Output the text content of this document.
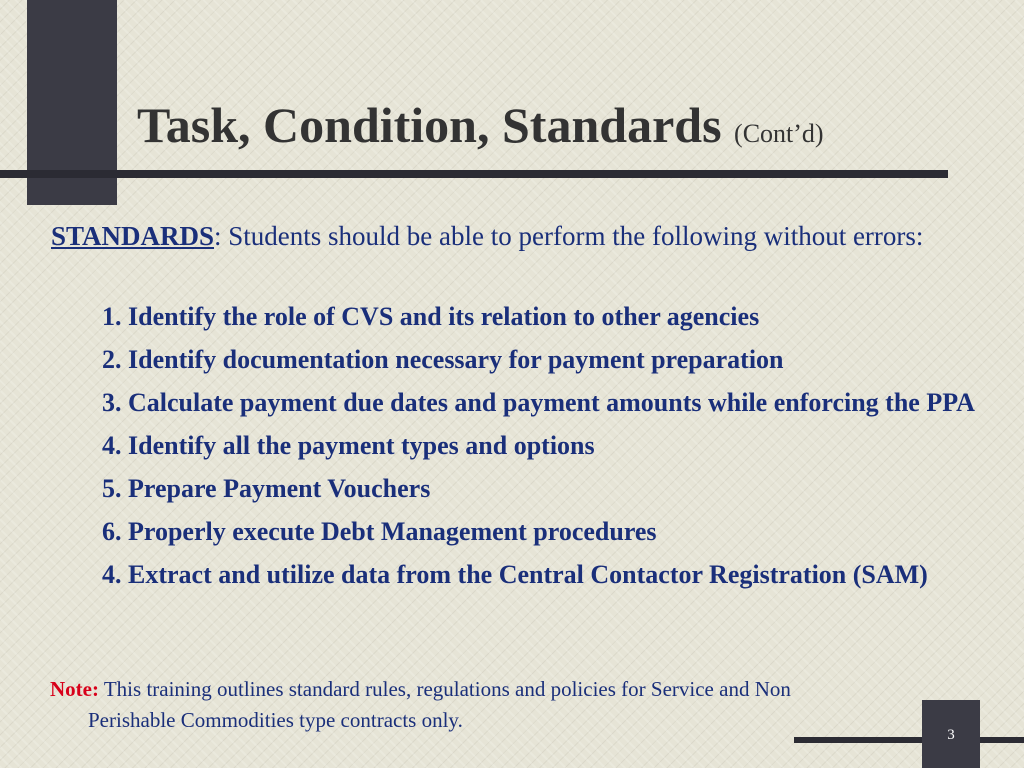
Task, Condition, Standards (Cont’d)

STANDARDS: Students should be able to perform the following without errors:

1. Identify the role of CVS and its relation to other agencies
2. Identify documentation necessary for payment preparation
3. Calculate payment due dates and payment amounts while enforcing the PPA
4. Identify all the payment types and options
5. Prepare Payment Vouchers
6. Properly execute Debt Management procedures
4. Extract and utilize data from the Central Contactor Registration (SAM)

Note: This training outlines standard rules, regulations and policies for Service and Non Perishable Commodities type contracts only.

3
